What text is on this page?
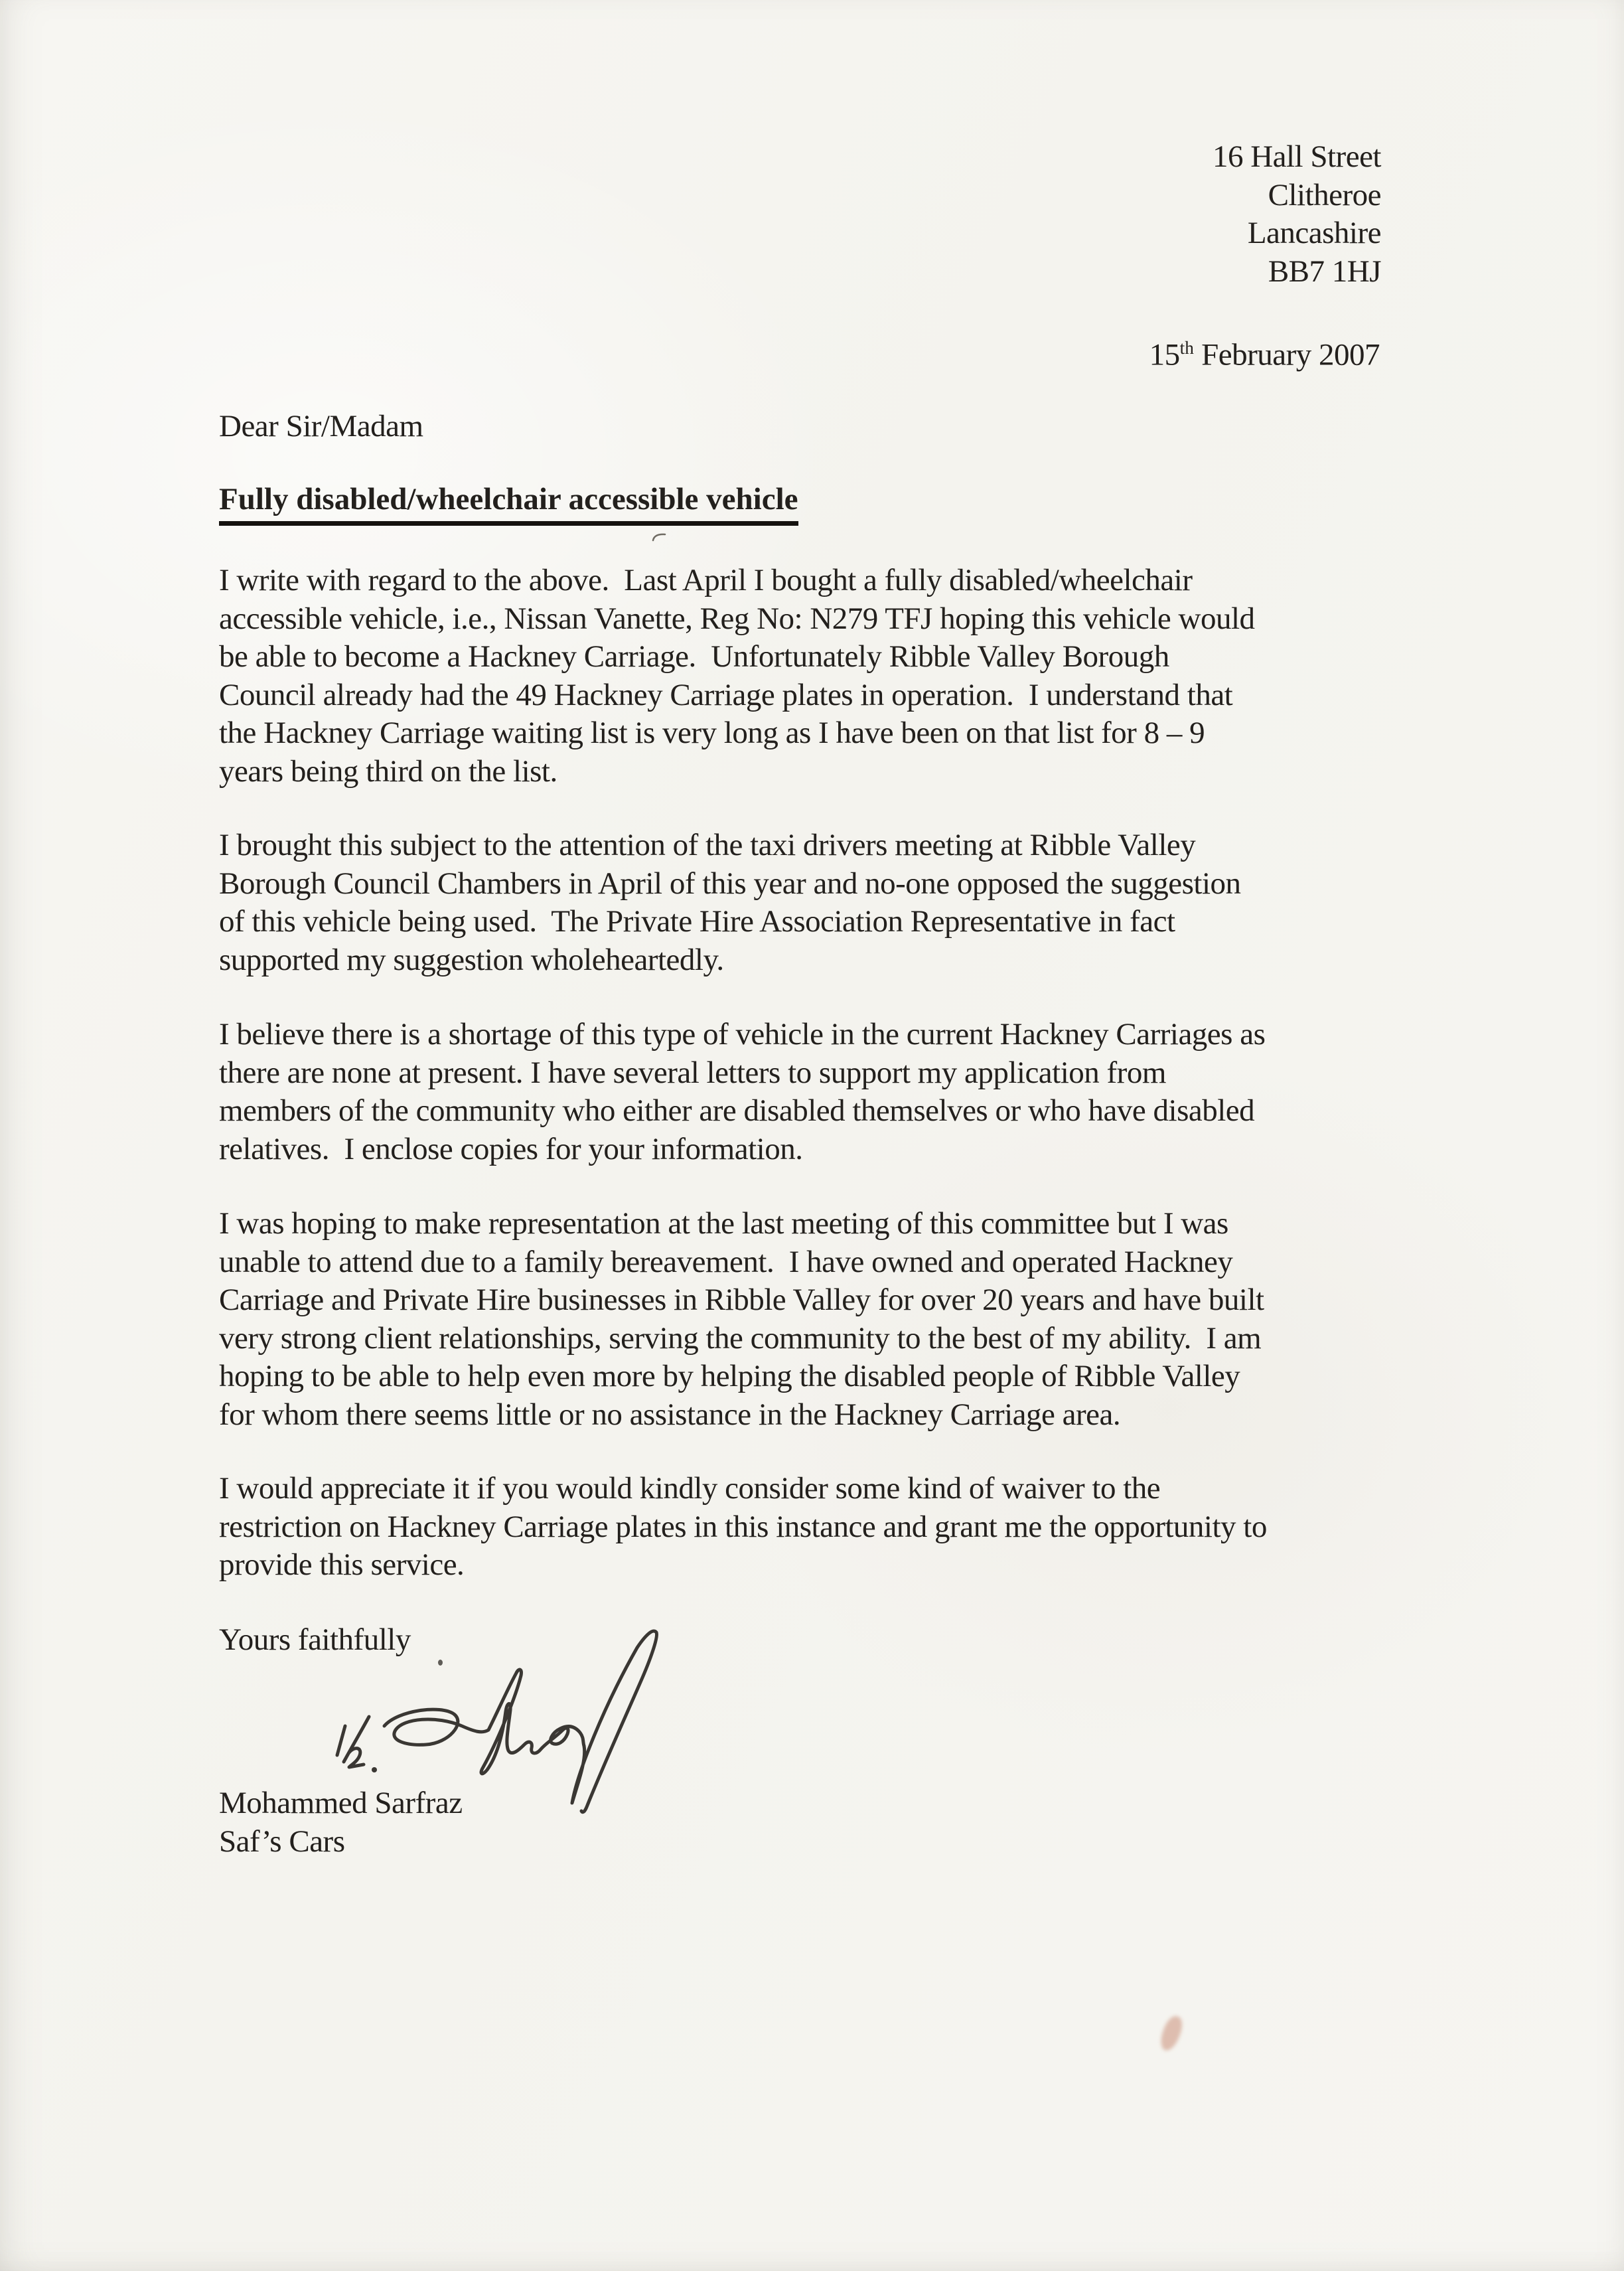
16 Hall Street
Clitheroe
Lancashire
BB7 1HJ
15th February 2007
Dear Sir/Madam
Fully disabled/wheelchair accessible vehicle
I write with regard to the above.  Last April I bought a fully disabled/wheelchair
accessible vehicle, i.e., Nissan Vanette, Reg No: N279 TFJ hoping this vehicle would
be able to become a Hackney Carriage.  Unfortunately Ribble Valley Borough
Council already had the 49 Hackney Carriage plates in operation.  I understand that
the Hackney Carriage waiting list is very long as I have been on that list for 8 – 9
years being third on the list.
I brought this subject to the attention of the taxi drivers meeting at Ribble Valley
Borough Council Chambers in April of this year and no-one opposed the suggestion
of this vehicle being used.  The Private Hire Association Representative in fact
supported my suggestion wholeheartedly.
I believe there is a shortage of this type of vehicle in the current Hackney Carriages as
there are none at present. I have several letters to support my application from
members of the community who either are disabled themselves or who have disabled
relatives.  I enclose copies for your information.
I was hoping to make representation at the last meeting of this committee but I was
unable to attend due to a family bereavement.  I have owned and operated Hackney
Carriage and Private Hire businesses in Ribble Valley for over 20 years and have built
very strong client relationships, serving the community to the best of my ability.  I am
hoping to be able to help even more by helping the disabled people of Ribble Valley
for whom there seems little or no assistance in the Hackney Carriage area.
I would appreciate it if you would kindly consider some kind of waiver to the
restriction on Hackney Carriage plates in this instance and grant me the opportunity to
provide this service.
Yours faithfully
Mohammed Sarfraz
Saf’s Cars
